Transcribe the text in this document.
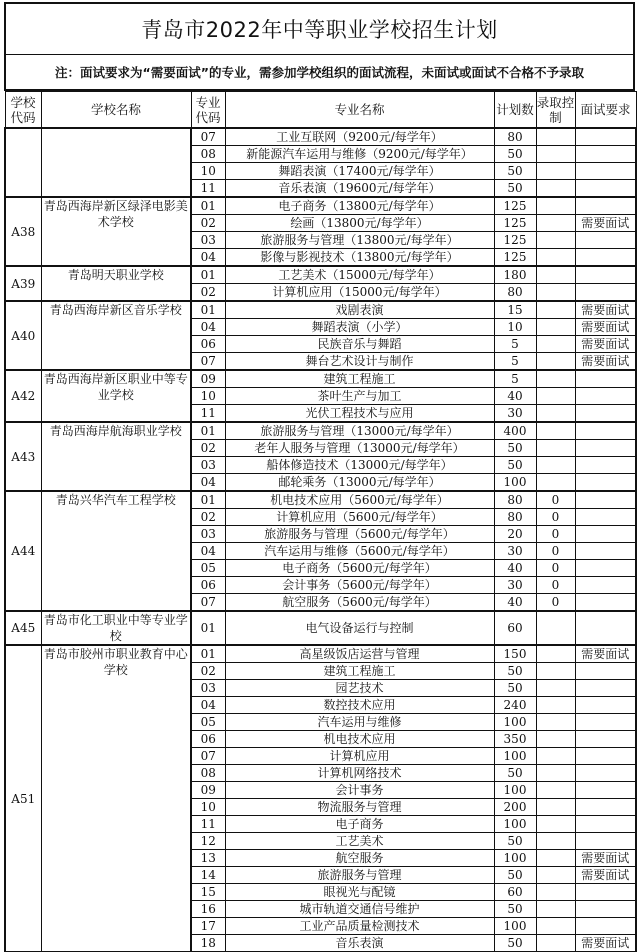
青岛市2022年中等职业学校招生计划
注：面试要求为“需要面试”的专业，需参加学校组织的面试流程，未面试或面试不合格不予录取
学校代码	学校名称	专业代码	专业名称	计划数	录取控制	面试要求
		07	工业互联网（9200元/每学年）	80		
		08	新能源汽车运用与维修（9200元/每学年）	50		
		10	舞蹈表演（17400元/每学年）	50		
		11	音乐表演（19600元/每学年）	50		
A38	青岛西海岸新区绿泽电影美术学校	01	电子商务（13800元/每学年）	125		
		02	绘画（13800元/每学年）	125		需要面试
		03	旅游服务与管理（13800元/每学年）	125		
		04	影像与影视技术（13800元/每学年）	125		
A39	青岛明天职业学校	01	工艺美术（15000元/每学年）	180		
		02	计算机应用（15000元/每学年）	80		
A40	青岛西海岸新区音乐学校	01	戏剧表演	15		需要面试
		04	舞蹈表演（小学）	10		需要面试
		06	民族音乐与舞蹈	5		需要面试
		07	舞台艺术设计与制作	5		需要面试
A42	青岛西海岸新区职业中等专业学校	09	建筑工程施工	5		
		10	茶叶生产与加工	40		
		11	光伏工程技术与应用	30		
A43	青岛西海岸航海职业学校	01	旅游服务与管理（13000元/每学年）	400		
		02	老年人服务与管理（13000元/每学年）	50		
		03	船体修造技术（13000元/每学年）	50		
		04	邮轮乘务（13000元/每学年）	100		
A44	青岛兴华汽车工程学校	01	机电技术应用（5600元/每学年）	80	0	
		02	计算机应用（5600元/每学年）	80	0	
		03	旅游服务与管理（5600元/每学年）	20	0	
		04	汽车运用与维修（5600元/每学年）	30	0	
		05	电子商务（5600元/每学年）	40	0	
		06	会计事务（5600元/每学年）	30	0	
		07	航空服务（5600元/每学年）	40	0	
A45	青岛市化工职业中等专业学校	01	电气设备运行与控制	60		
A51	青岛市胶州市职业教育中心学校	01	高星级饭店运营与管理	150		需要面试
		02	建筑工程施工	50		
		03	园艺技术	50		
		04	数控技术应用	240		
		05	汽车运用与维修	100		
		06	机电技术应用	350		
		07	计算机应用	100		
		08	计算机网络技术	50		
		09	会计事务	100		
		10	物流服务与管理	200		
		11	电子商务	100		
		12	工艺美术	50		
		13	航空服务	100		需要面试
		14	旅游服务与管理	50		需要面试
		15	眼视光与配镜	60		
		16	城市轨道交通信号维护	50		
		17	工业产品质量检测技术	100		
		18	音乐表演	50		需要面试
